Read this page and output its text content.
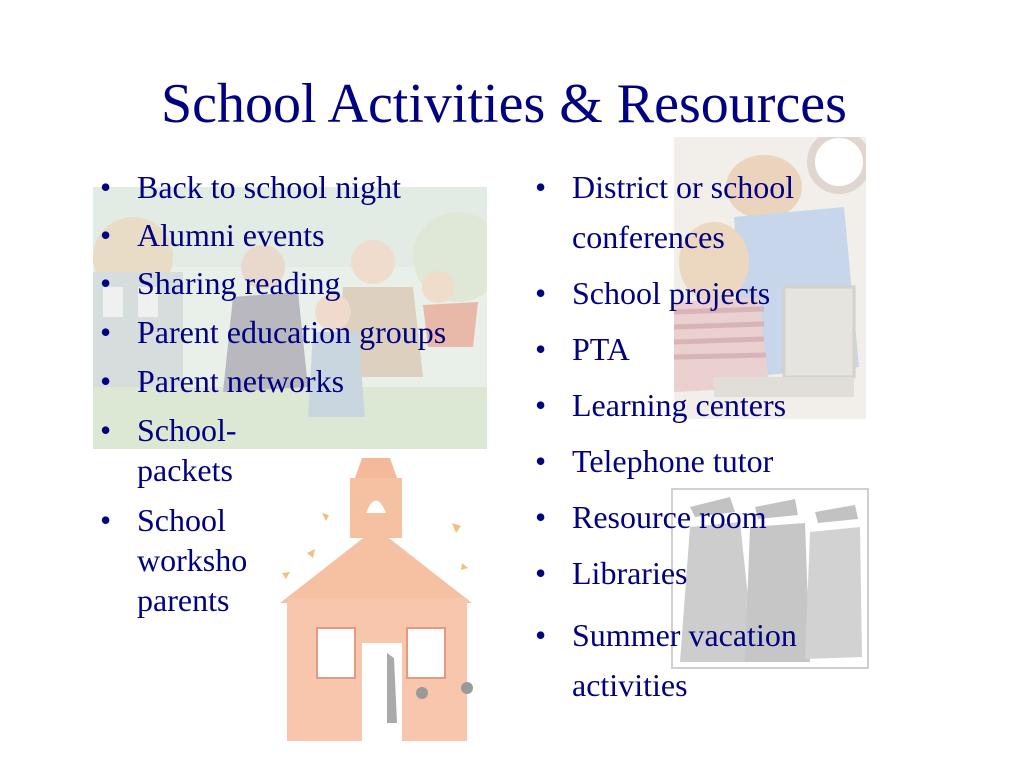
School Activities & Resources
• Back to school night
• Alumni events
• Sharing reading
• Parent education groups
• Parent networks
• School-
packets
• School
worksho
parents
• District or school conferences
• School projects
• PTA
• Learning centers
• Telephone tutor
• Resource room
• Libraries
• Summer vacation activities
